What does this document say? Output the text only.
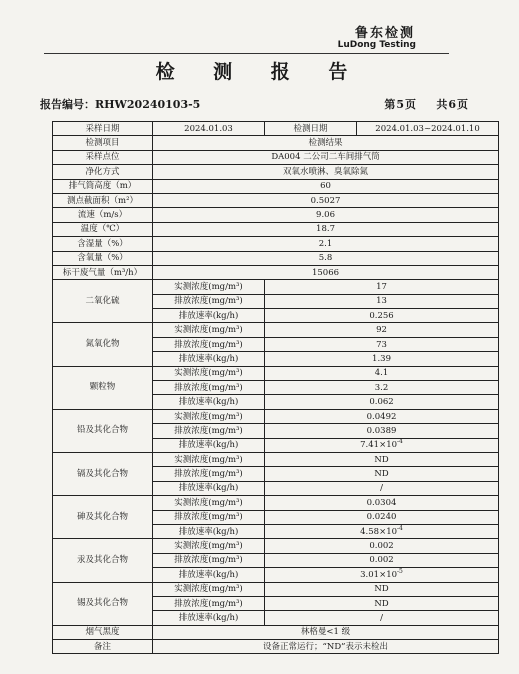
鲁东检测
LuDong Testing
检 测 报 告
报告编号：RHW20240103-5	第5页 共6页
采样日期	2024.01.03	检测日期	2024.01.03~2024.01.10
检测项目	检测结果		
采样点位	DA004 二公司二车间排气筒		
净化方式	双氧水喷淋、臭氧除氮		
排气筒高度（m）	60		
测点截面积（m²）	0.5027		
流速（m/s）	9.06		
温度（℃）	18.7		
含湿量（%）	2.1		
含氧量（%）	5.8		
标干废气量（m³/h）	15066		
二氧化硫	实测浓度(mg/m³)	17	
	排放浓度(mg/m³)	13	
	排放速率(kg/h)	0.256	
氮氧化物	实测浓度(mg/m³)	92	
	排放浓度(mg/m³)	73	
	排放速率(kg/h)	1.39	
颗粒物	实测浓度(mg/m³)	4.1	
	排放浓度(mg/m³)	3.2	
	排放速率(kg/h)	0.062	
铅及其化合物	实测浓度(mg/m³)	0.0492	
	排放浓度(mg/m³)	0.0389	
	排放速率(kg/h)	$7.41\times 10^{-4}$
镉及其化合物	实测浓度(mg/m³)	ND	
	排放浓度(mg/m³)	ND	
	排放速率(kg/h)	/	
砷及其化合物	实测浓度(mg/m³)	0.0304	
	排放浓度(mg/m³)	0.0240	
	排放速率(kg/h)	$4.58\times 10^{-4}$
汞及其化合物	实测浓度(mg/m³)	0.002	
	排放浓度(mg/m³)	0.002	
	排放速率(kg/h)	$3.01\times 10^{-5}$
锡及其化合物	实测浓度(mg/m³)	ND	
	排放浓度(mg/m³)	ND	
	排放速率(kg/h)	/	
烟气黑度	林格曼<1 级		
备注	设备正常运行；“ND”表示未检出		
